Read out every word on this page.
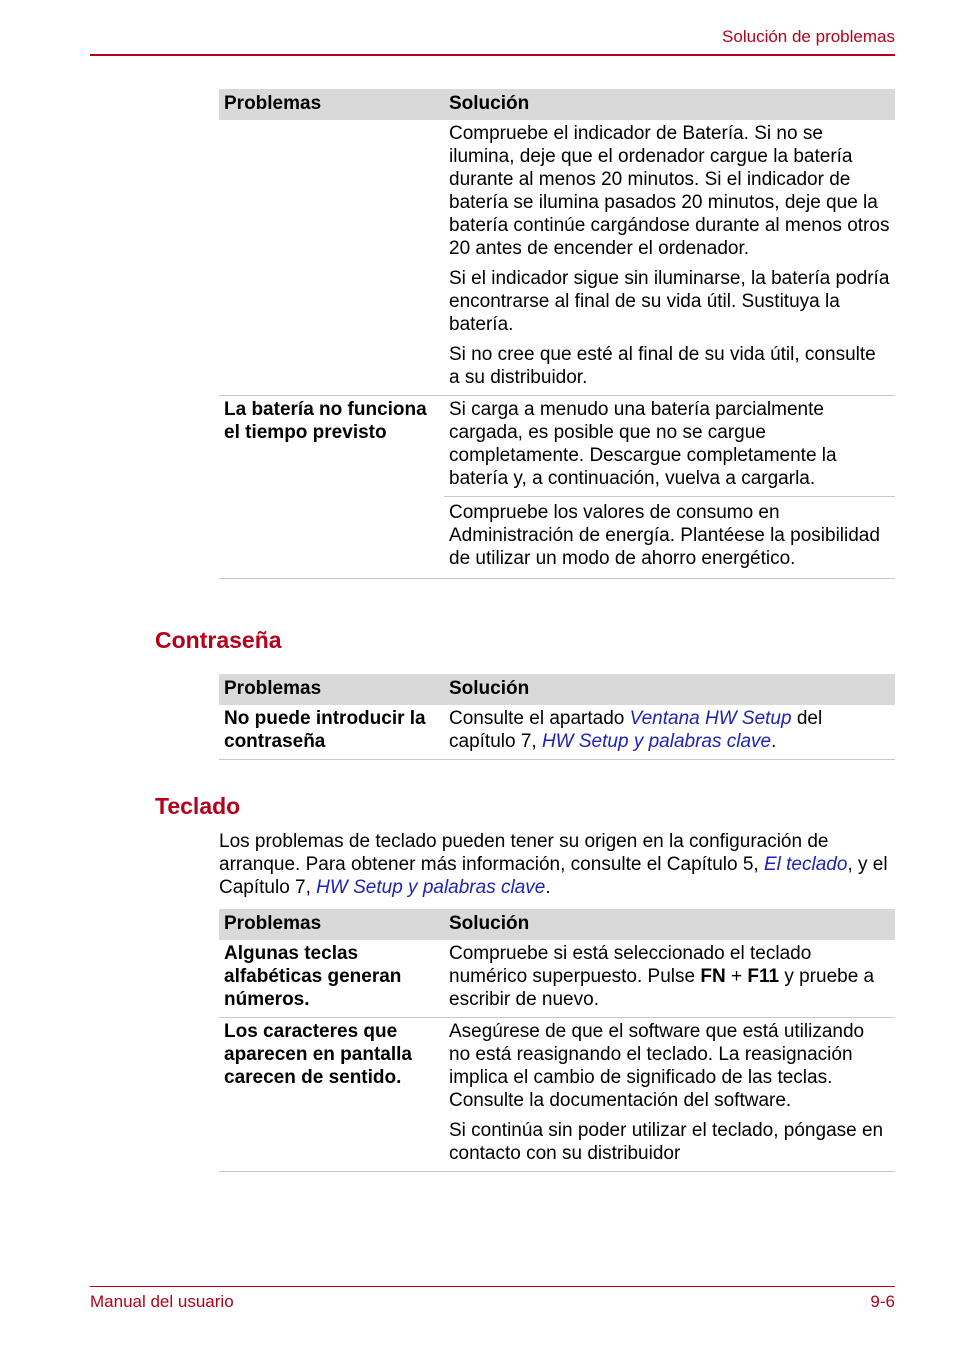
Solución de problemas
Problemas	Solución

	Compruebe el indicador de Batería. Si no se ilumina, deje que el ordenador cargue la batería durante al menos 20 minutos. Si el indicador de batería se ilumina pasados 20 minutos, deje que la batería continúe cargándose durante al menos otros 20 antes de encender el ordenador.

Si el indicador sigue sin iluminarse, la batería podría encontrarse al final de su vida útil. Sustituya la batería.

Si no cree que esté al final de su vida útil, consulte a su distribuidor.

La batería no funciona el tiempo previsto	Si carga a menudo una batería parcialmente cargada, es posible que no se cargue completamente. Descargue completamente la batería y, a continuación, vuelva a cargarla.
	Compruebe los valores de consumo en Administración de energía. Plantéese la posibilidad de utilizar un modo de ahorro energético.
Contraseña
Problemas	Solución
No puede introducir la contraseña	Consulte el apartado Ventana HW Setup del capítulo 7, HW Setup y palabras clave.
Teclado
Los problemas de teclado pueden tener su origen en la configuración de arranque. Para obtener más información, consulte el Capítulo 5, El teclado, y el Capítulo 7, HW Setup y palabras clave.
Problemas	Solución
Algunas teclas alfabéticas generan números.	Compruebe si está seleccionado el teclado numérico superpuesto. Pulse FN + F11 y pruebe a escribir de nuevo.
Los caracteres que aparecen en pantalla carecen de sentido.	Asegúrese de que el software que está utilizando no está reasignando el teclado. La reasignación implica el cambio de significado de las teclas. Consulte la documentación del software.

Si continúa sin poder utilizar el teclado, póngase en contacto con su distribuidor

Manual del usuario	9-6
